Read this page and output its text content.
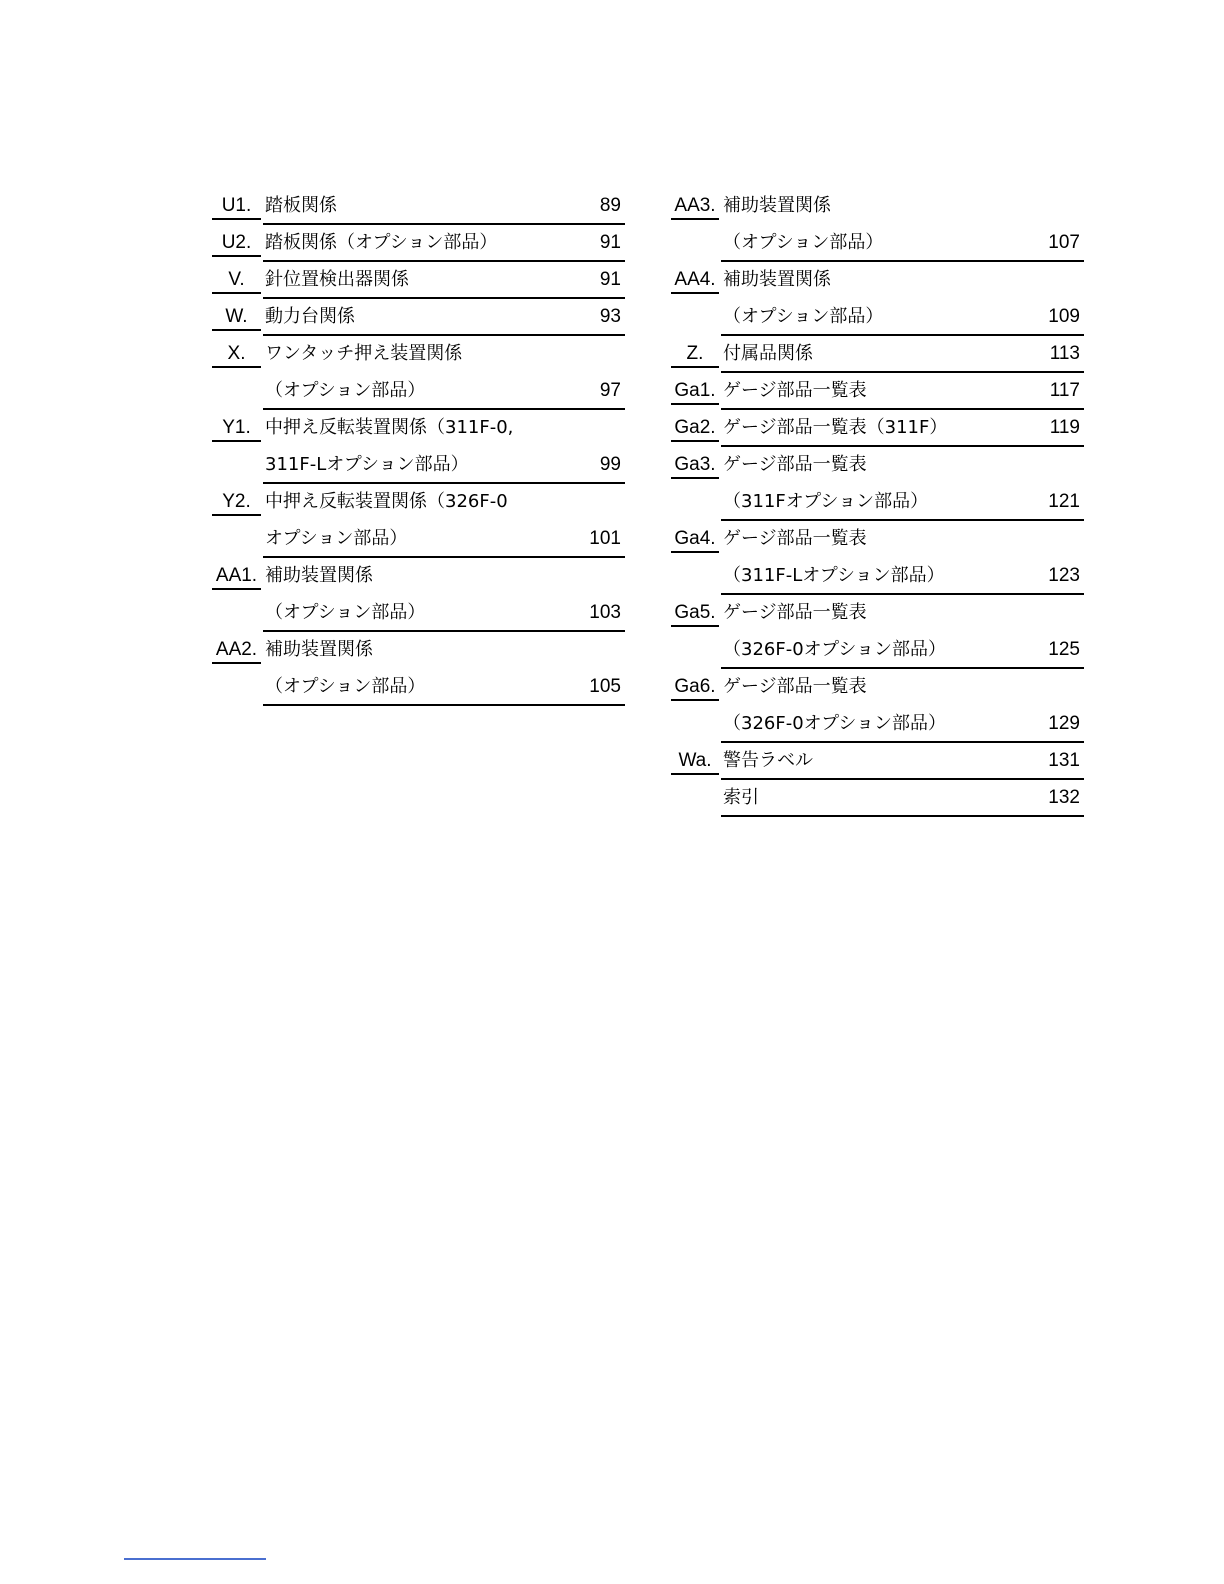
U1. 踏板関係	89
U2. 踏板関係（オプション部品）	91
V.	針位置検出器関係	91
W. 動力台関係	93
X.	ワンタッチ押え装置関係
（オプション部品）	97
Y1. 中押え反転装置関係（311F-0,
311F-Lオプション部品）	99
Y2. 中押え反転装置関係（326F-0
オプション部品）	101
AA1. 補助装置関係
（オプション部品）	103
AA2. 補助装置関係
（オプション部品）	105
AA3. 補助装置関係
（オプション部品）	107
AA4. 補助装置関係
（オプション部品）	109
Z.	付属品関係	113
Ga1. ゲージ部品一覧表	117
Ga2. ゲージ部品一覧表（311F）	119
Ga3. ゲージ部品一覧表
（311Fオプション部品）	121
Ga4. ゲージ部品一覧表
（311F-Lオプション部品）	123
Ga5. ゲージ部品一覧表
（326F-0オプション部品）	125
Ga6. ゲージ部品一覧表
（326F-0オプション部品）	129
Wa. 警告ラベル	131
索引	132
